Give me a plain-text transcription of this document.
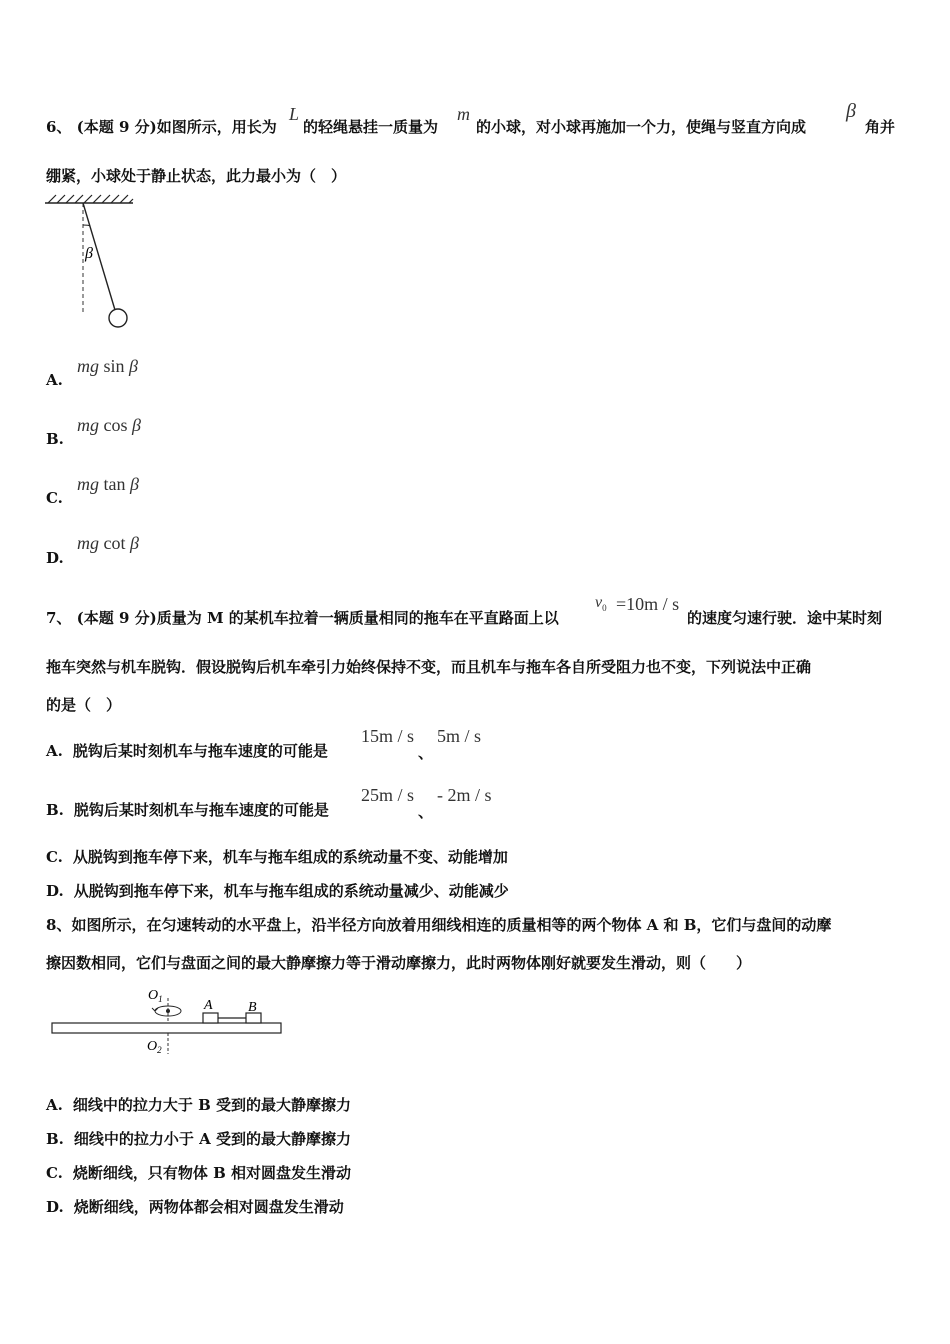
6、 (本题 9 分)如图所示，用长为
L
的轻绳悬挂一质量为
m
的小球，对小球再施加一个力，使绳与竖直方向成
β
角并
绷紧，小球处于静止状态，此力最小为（　）
β
A.
mg sin β
B.
mg cos β
C.
mg tan β
D.
mg cot β
7、 (本题 9 分)质量为 M 的某机车拉着一辆质量相同的拖车在平直路面上以
$v_0 =10m / s$
的速度匀速行驶．途中某时刻
拖车突然与机车脱钩．假设脱钩后机车牵引力始终保持不变，而且机车与拖车各自所受阻力也不变，下列说法中正确
的是（　）
A. 脱钩后某时刻机车与拖车速度的可能是
15m / s
、
5m / s
B. 脱钩后某时刻机车与拖车速度的可能是
25m / s
、
- 2m / s
C. 从脱钩到拖车停下来，机车与拖车组成的系统动量不变、动能增加
D. 从脱钩到拖车停下来，机车与拖车组成的系统动量减少、动能减少
8、如图所示，在匀速转动的水平盘上，沿半径方向放着用细线相连的质量相等的两个物体 A 和 B，它们与盘间的动摩
擦因数相同，它们与盘面之间的最大静摩擦力等于滑动摩擦力，此时两物体刚好就要发生滑动，则（　　）
$O_1$	A	B
$O_2$
A. 细线中的拉力大于 B 受到的最大静摩擦力
B. 细线中的拉力小于 A 受到的最大静摩擦力
C. 烧断细线，只有物体 B 相对圆盘发生滑动
D. 烧断细线，两物体都会相对圆盘发生滑动
